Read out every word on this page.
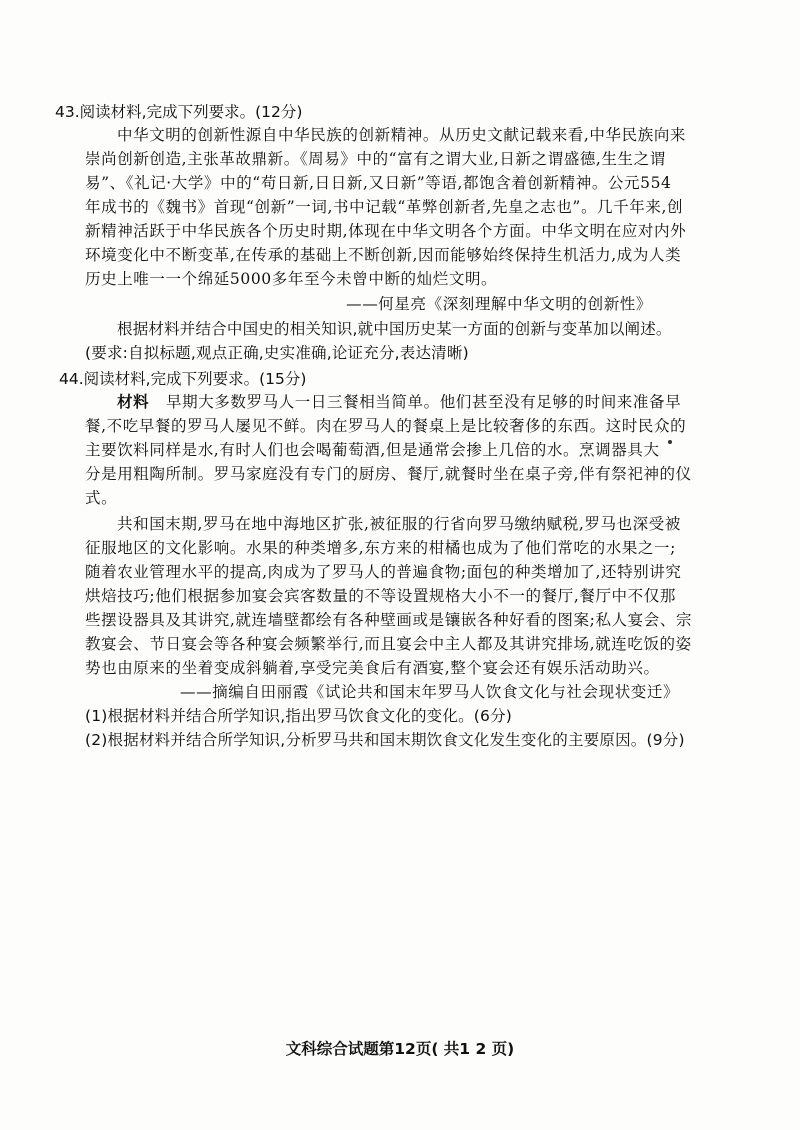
43.阅读材料,完成下列要求。(12分)
中华文明的创新性源自中华民族的创新精神。从历史文献记载来看,中华民族向来
崇尚创新创造,主张革故鼎新。《周易》中的“富有之谓大业,日新之谓盛德,生生之谓
易”、《礼记·大学》中的“苟日新,日日新,又日新”等语,都饱含着创新精神。公元554
年成书的《魏书》首现“创新”一词,书中记载“革弊创新者,先皇之志也”。几千年来,创
新精神活跃于中华民族各个历史时期,体现在中华文明各个方面。中华文明在应对内外
环境变化中不断变革,在传承的基础上不断创新,因而能够始终保持生机活力,成为人类
历史上唯一一个绵延5000多年至今未曾中断的灿烂文明。
——何星亮《深刻理解中华文明的创新性》
根据材料并结合中国史的相关知识,就中国历史某一方面的创新与变革加以阐述。
(要求:自拟标题,观点正确,史实准确,论证充分,表达清晰)
44.阅读材料,完成下列要求。(15分)
材料 早期大多数罗马人一日三餐相当简单。他们甚至没有足够的时间来准备早
餐,不吃早餐的罗马人屡见不鲜。肉在罗马人的餐桌上是比较奢侈的东西。这时民众的
主要饮料同样是水,有时人们也会喝葡萄酒,但是通常会掺上几倍的水。烹调器具大
分是用粗陶所制。罗马家庭没有专门的厨房、餐厅,就餐时坐在桌子旁,伴有祭祀神的仪
式。
共和国末期,罗马在地中海地区扩张,被征服的行省向罗马缴纳赋税,罗马也深受被
征服地区的文化影响。水果的种类增多,东方来的柑橘也成为了他们常吃的水果之一;
随着农业管理水平的提高,肉成为了罗马人的普遍食物;面包的种类增加了,还特别讲究
烘焙技巧;他们根据参加宴会宾客数量的不等设置规格大小不一的餐厅,餐厅中不仅那
些摆设器具及其讲究,就连墙壁都绘有各种壁画或是镶嵌各种好看的图案;私人宴会、宗
教宴会、节日宴会等各种宴会频繁举行,而且宴会中主人都及其讲究排场,就连吃饭的姿
势也由原来的坐着变成斜躺着,享受完美食后有酒宴,整个宴会还有娱乐活动助兴。
——摘编自田丽霞《试论共和国末年罗马人饮食文化与社会现状变迁》
(1)根据材料并结合所学知识,指出罗马饮食文化的变化。(6分)
(2)根据材料并结合所学知识,分析罗马共和国末期饮食文化发生变化的主要原因。(9分)
文科综合试题第12页( 共1 2 页)
